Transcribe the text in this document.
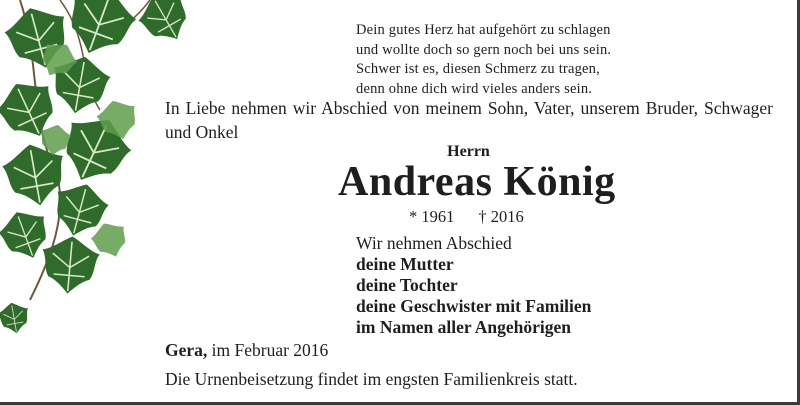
Dein gutes Herz hat aufgehört zu schlagen
und wollte doch so gern noch bei uns sein.
Schwer ist es, diesen Schmerz zu tragen,
denn ohne dich wird vieles anders sein.
In Liebe nehmen wir Abschied von meinem Sohn, Vater, unserem Bruder, Schwager und Onkel
Herrn
Andreas König
* 1961 † 2016
Wir nehmen Abschied
deine Mutter
deine Tochter
deine Geschwister mit Familien
im Namen aller Angehörigen
Gera, im Februar 2016
Die Urnenbeisetzung findet im engsten Familienkreis statt.
